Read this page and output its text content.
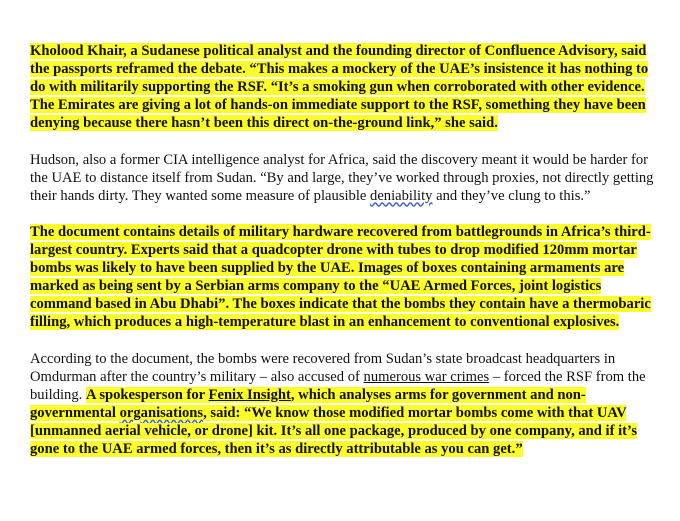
Kholood Khair, a Sudanese political analyst and the founding director of Confluence Advisory, said the passports reframed the debate. “This makes a mockery of the UAE’s insistence it has nothing to do with militarily supporting the RSF. “It’s a smoking gun when corroborated with other evidence. The Emirates are giving a lot of hands-on immediate support to the RSF, something they have been denying because there hasn’t been this direct on-the-ground link,” she said.

Hudson, also a former CIA intelligence analyst for Africa, said the discovery meant it would be harder for the UAE to distance itself from Sudan. “By and large, they’ve worked through proxies, not directly getting their hands dirty. They wanted some measure of plausible deniability and they’ve clung to this.”

The document contains details of military hardware recovered from battlegrounds in Africa’s third-largest country. Experts said that a quadcopter drone with tubes to drop modified 120mm mortar bombs was likely to have been supplied by the UAE. Images of boxes containing armaments are marked as being sent by a Serbian arms company to the “UAE Armed Forces, joint logistics command based in Abu Dhabi”. The boxes indicate that the bombs they contain have a thermobaric filling, which produces a high-temperature blast in an enhancement to conventional explosives.

According to the document, the bombs were recovered from Sudan’s state broadcast headquarters in Omdurman after the country’s military – also accused of numerous war crimes – forced the RSF from the building. A spokesperson for Fenix Insight, which analyses arms for government and non-governmental organisations, said: “We know those modified mortar bombs come with that UAV [unmanned aerial vehicle, or drone] kit. It’s all one package, produced by one company, and if it’s gone to the UAE armed forces, then it’s as directly attributable as you can get.”
